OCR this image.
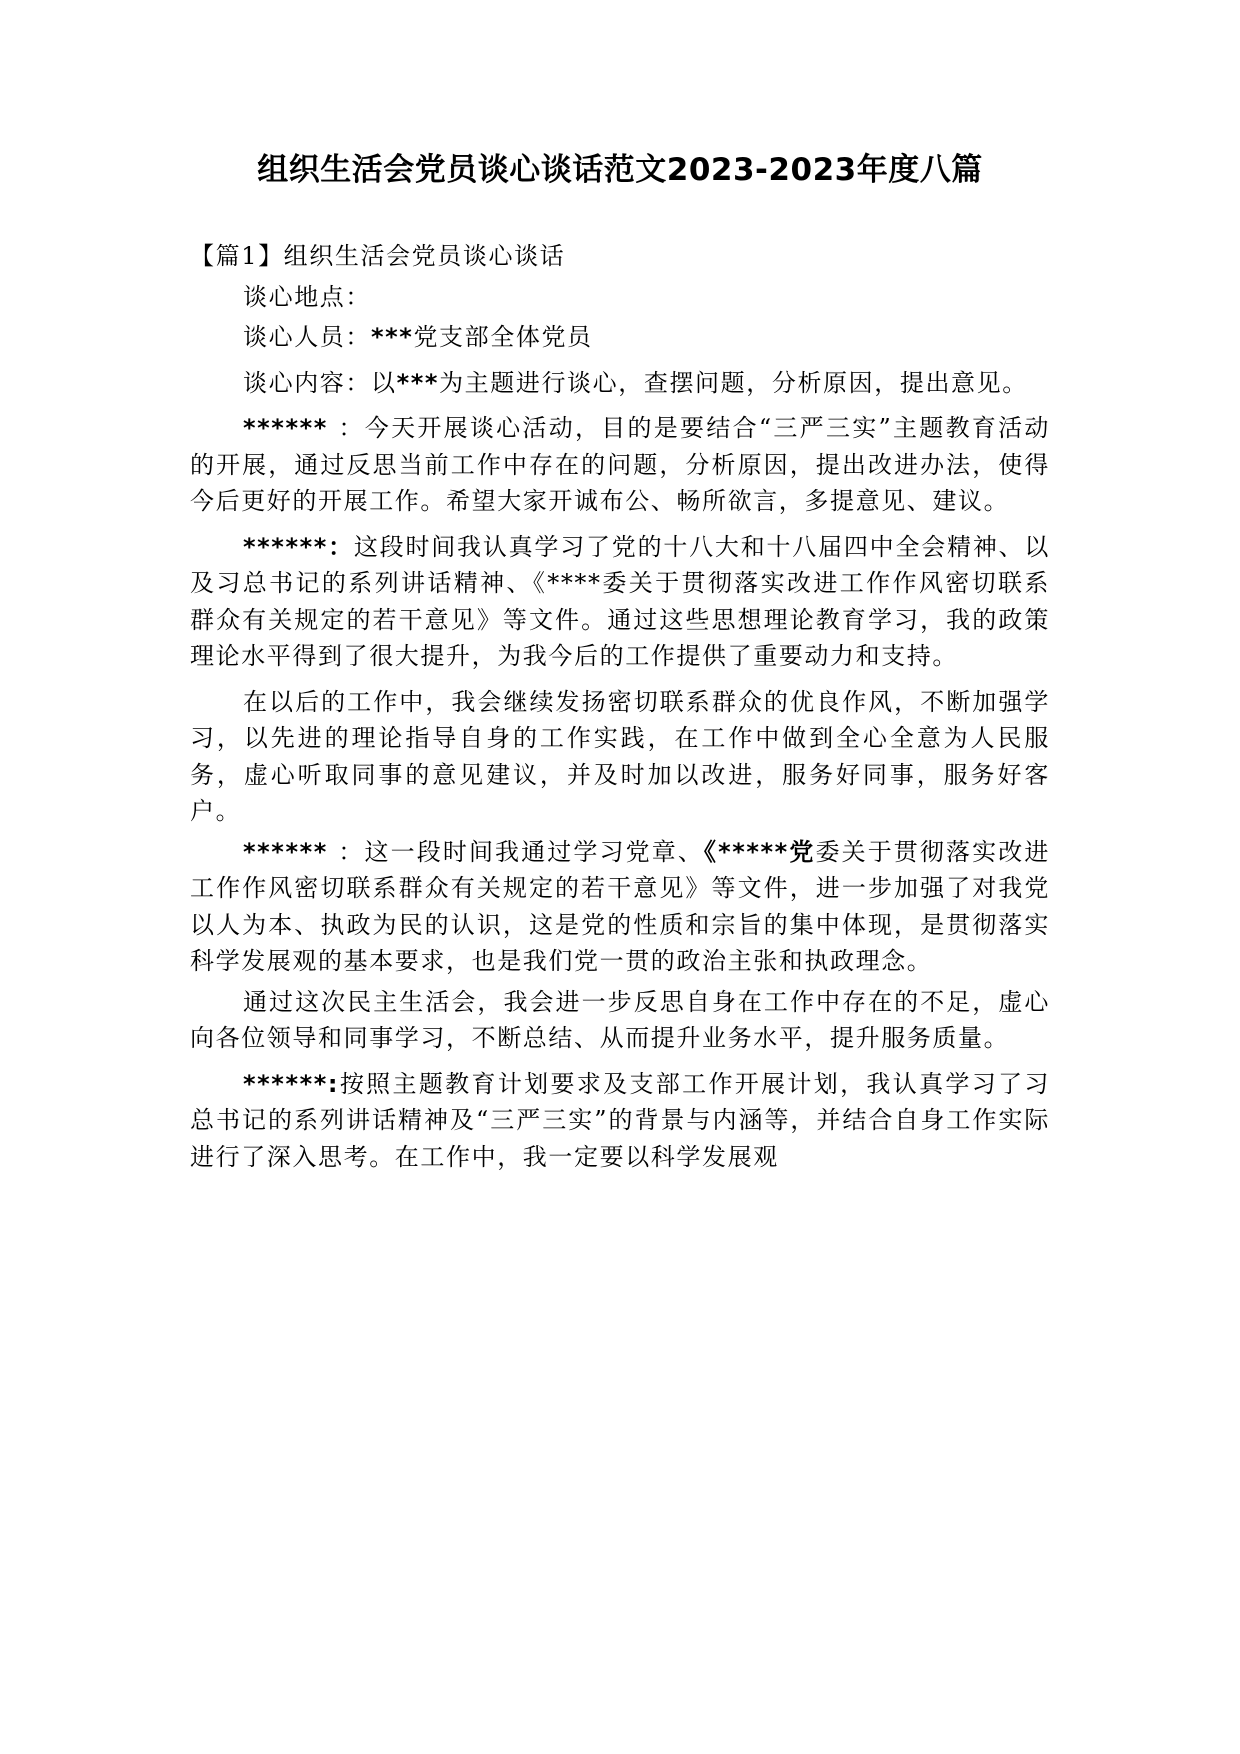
组织生活会党员谈心谈话范文2023-2023年度八篇

【篇1】组织生活会党员谈心谈话

谈心地点：

谈心人员：***党支部全体党员

谈心内容：以***为主题进行谈心，查摆问题，分析原因，提出意见。

****** ：今天开展谈心活动，目的是要结合“三严三实”主题教育活动的开展，通过反思当前工作中存在的问题，分析原因，提出改进办法，使得今后更好的开展工作。希望大家开诚布公、畅所欲言，多提意见、建议。

******：这段时间我认真学习了党的十八大和十八届四中全会精神、以及习总书记的系列讲话精神、《****委关于贯彻落实改进工作作风密切联系群众有关规定的若干意见》等文件。通过这些思想理论教育学习，我的政策理论水平得到了很大提升，为我今后的工作提供了重要动力和支持。

在以后的工作中，我会继续发扬密切联系群众的优良作风，不断加强学习，以先进的理论指导自身的工作实践，在工作中做到全心全意为人民服务，虚心听取同事的意见建议，并及时加以改进，服务好同事，服务好客户。

****** ：这一段时间我通过学习党章、《*****党委关于贯彻落实改进工作作风密切联系群众有关规定的若干意见》等文件，进一步加强了对我党以人为本、执政为民的认识，这是党的性质和宗旨的集中体现，是贯彻落实科学发展观的基本要求，也是我们党一贯的政治主张和执政理念。

通过这次民主生活会，我会进一步反思自身在工作中存在的不足，虚心向各位领导和同事学习，不断总结、从而提升业务水平，提升服务质量。

******:按照主题教育计划要求及支部工作开展计划，我认真学习了习总书记的系列讲话精神及“三严三实”的背景与内涵等，并结合自身工作实际进行了深入思考。在工作中，我一定要以科学发展观
